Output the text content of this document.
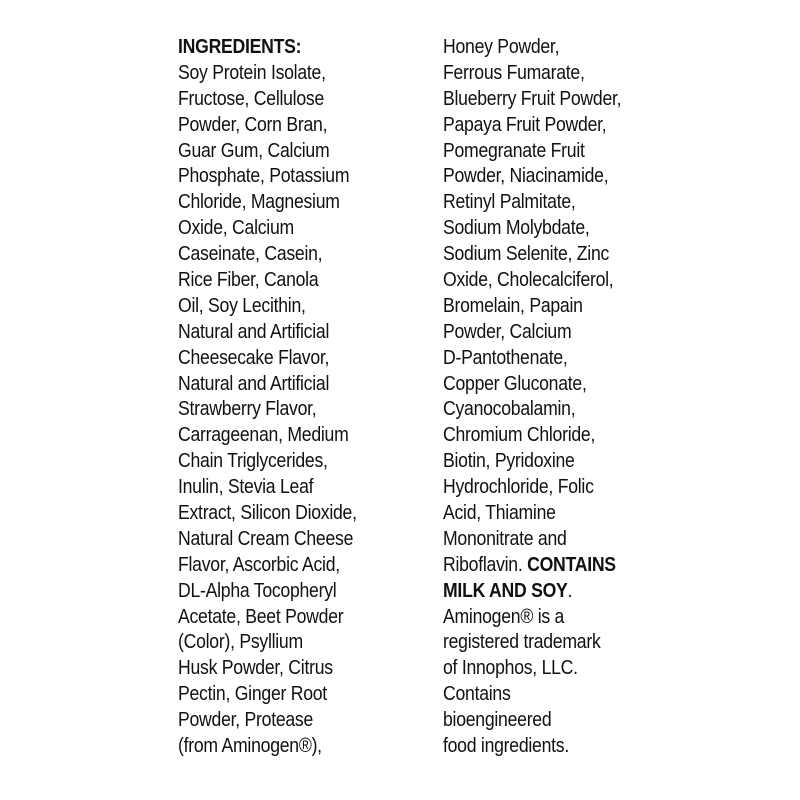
INGREDIENTS:
Soy Protein Isolate,
Fructose, Cellulose
Powder, Corn Bran,
Guar Gum, Calcium
Phosphate, Potassium
Chloride, Magnesium
Oxide, Calcium
Caseinate, Casein,
Rice Fiber, Canola
Oil, Soy Lecithin,
Natural and Artificial
Cheesecake Flavor,
Natural and Artificial
Strawberry Flavor,
Carrageenan, Medium
Chain Triglycerides,
Inulin, Stevia Leaf
Extract, Silicon Dioxide,
Natural Cream Cheese
Flavor, Ascorbic Acid,
DL-Alpha Tocopheryl
Acetate, Beet Powder
(Color), Psyllium
Husk Powder, Citrus
Pectin, Ginger Root
Powder, Protease
(from Aminogen®),
Honey Powder,
Ferrous Fumarate,
Blueberry Fruit Powder,
Papaya Fruit Powder,
Pomegranate Fruit
Powder, Niacinamide,
Retinyl Palmitate,
Sodium Molybdate,
Sodium Selenite, Zinc
Oxide, Cholecalciferol,
Bromelain, Papain
Powder, Calcium
D-Pantothenate,
Copper Gluconate,
Cyanocobalamin,
Chromium Chloride,
Biotin, Pyridoxine
Hydrochloride, Folic
Acid, Thiamine
Mononitrate and
Riboflavin. CONTAINS
MILK AND SOY.
Aminogen® is a
registered trademark
of Innophos, LLC.
Contains
bioengineered
food ingredients.
